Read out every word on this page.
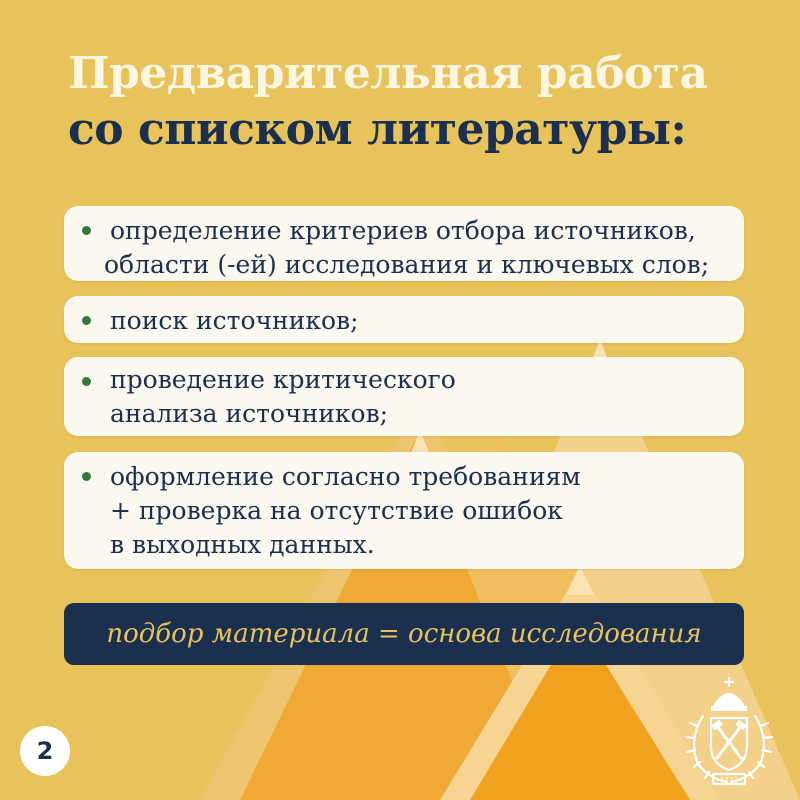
Предварительная работа
со списком литературы:
определение критериев отбора источников,
области (-ей) исследования и ключевых слов;
поиск источников;
проведение критического
анализа источников;
оформление согласно требованиям
+ проверка на отсутствие ошибок
в выходных данных.
подбор материала = основа исследования
2
1773
